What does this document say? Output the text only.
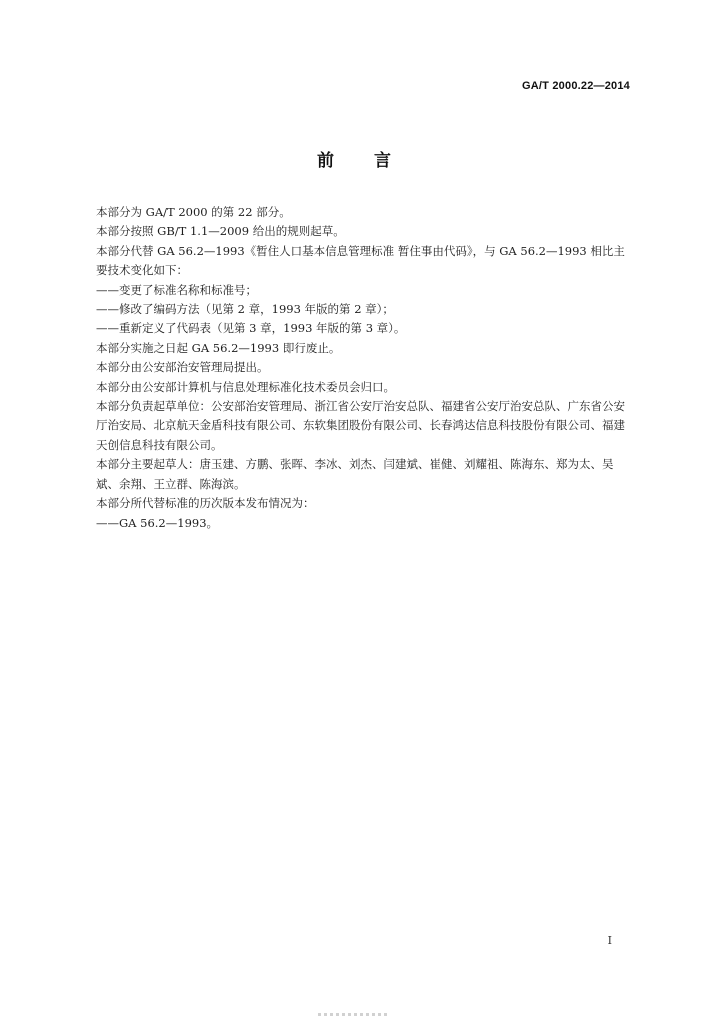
GA/T 2000.22—2014
前言

本部分为 GA/T 2000 的第 22 部分。

本部分按照 GB/T 1.1—2009 给出的规则起草。

本部分代替 GA 56.2—1993《暂住人口基本信息管理标准 暂住事由代码》，与 GA 56.2—1993 相比主要技术变化如下：

——变更了标准名称和标准号；

——修改了编码方法（见第 2 章，1993 年版的第 2 章）；

——重新定义了代码表（见第 3 章，1993 年版的第 3 章）。

本部分实施之日起 GA 56.2—1993 即行废止。

本部分由公安部治安管理局提出。

本部分由公安部计算机与信息处理标准化技术委员会归口。

本部分负责起草单位：公安部治安管理局、浙江省公安厅治安总队、福建省公安厅治安总队、广东省公安厅治安局、北京航天金盾科技有限公司、东软集团股份有限公司、长春鸿达信息科技股份有限公司、福建天创信息科技有限公司。

本部分主要起草人：唐玉建、方鹏、张晖、李冰、刘杰、闫建斌、崔健、刘耀祖、陈海东、郑为太、吴斌、余翔、王立群、陈海滨。

本部分所代替标准的历次版本发布情况为：

——GA 56.2—1993。

I
